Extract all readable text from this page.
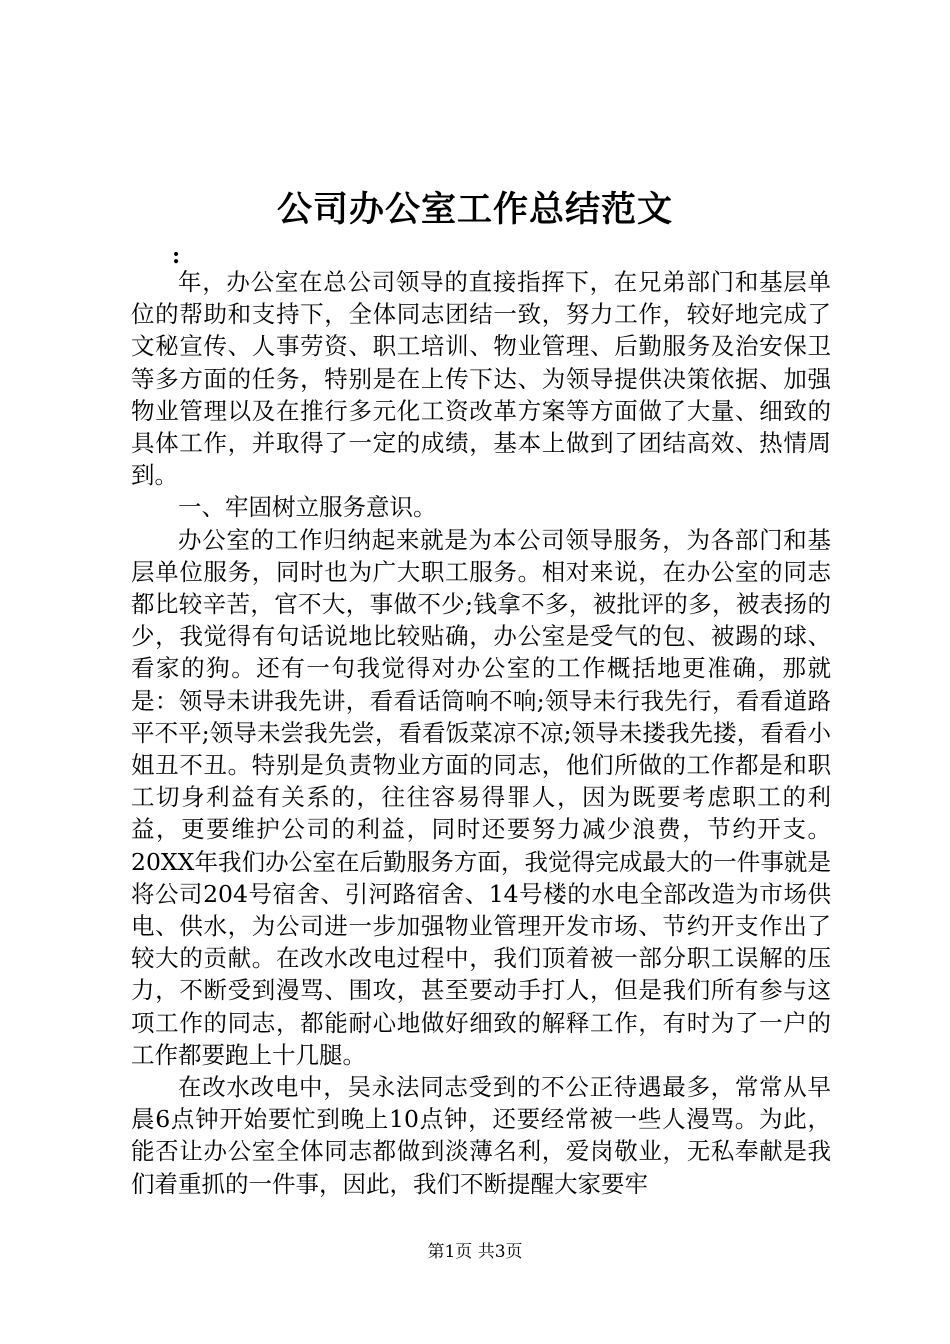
公司办公室工作总结范文
:

年，办公室在总公司领导的直接指挥下，在兄弟部门和基层单位的帮助和支持下，全体同志团结一致，努力工作，较好地完成了文秘宣传、人事劳资、职工培训、物业管理、后勤服务及治安保卫等多方面的任务，特别是在上传下达、为领导提供决策依据、加强物业管理以及在推行多元化工资改革方案等方面做了大量、细致的具体工作，并取得了一定的成绩，基本上做到了团结高效、热情周到。

一、牢固树立服务意识。

办公室的工作归纳起来就是为本公司领导服务，为各部门和基层单位服务，同时也为广大职工服务。相对来说，在办公室的同志都比较辛苦，官不大，事做不少;钱拿不多，被批评的多，被表扬的少，我觉得有句话说地比较贴确，办公室是受气的包、被踢的球、看家的狗。还有一句我觉得对办公室的工作概括地更准确，那就是：领导未讲我先讲，看看话筒响不响;领导未行我先行，看看道路平不平;领导未尝我先尝，看看饭菜凉不凉;领导未搂我先搂，看看小姐丑不丑。特别是负责物业方面的同志，他们所做的工作都是和职工切身利益有关系的，往往容易得罪人，因为既要考虑职工的利益，更要维护公司的利益，同时还要努力减少浪费，节约开支。20XX年我们办公室在后勤服务方面，我觉得完成最大的一件事就是将公司204号宿舍、引河路宿舍、14号楼的水电全部改造为市场供电、供水，为公司进一步加强物业管理开发市场、节约开支作出了较大的贡献。在改水改电过程中，我们顶着被一部分职工误解的压力，不断受到漫骂、围攻，甚至要动手打人，但是我们所有参与这项工作的同志，都能耐心地做好细致的解释工作，有时为了一户的工作都要跑上十几腿。

在改水改电中，吴永法同志受到的不公正待遇最多，常常从早晨6点钟开始要忙到晚上10点钟，还要经常被一些人漫骂。为此，能否让办公室全体同志都做到淡薄名利，爱岗敬业，无私奉献是我们着重抓的一件事，因此，我们不断提醒大家要牢

第1页 共3页
